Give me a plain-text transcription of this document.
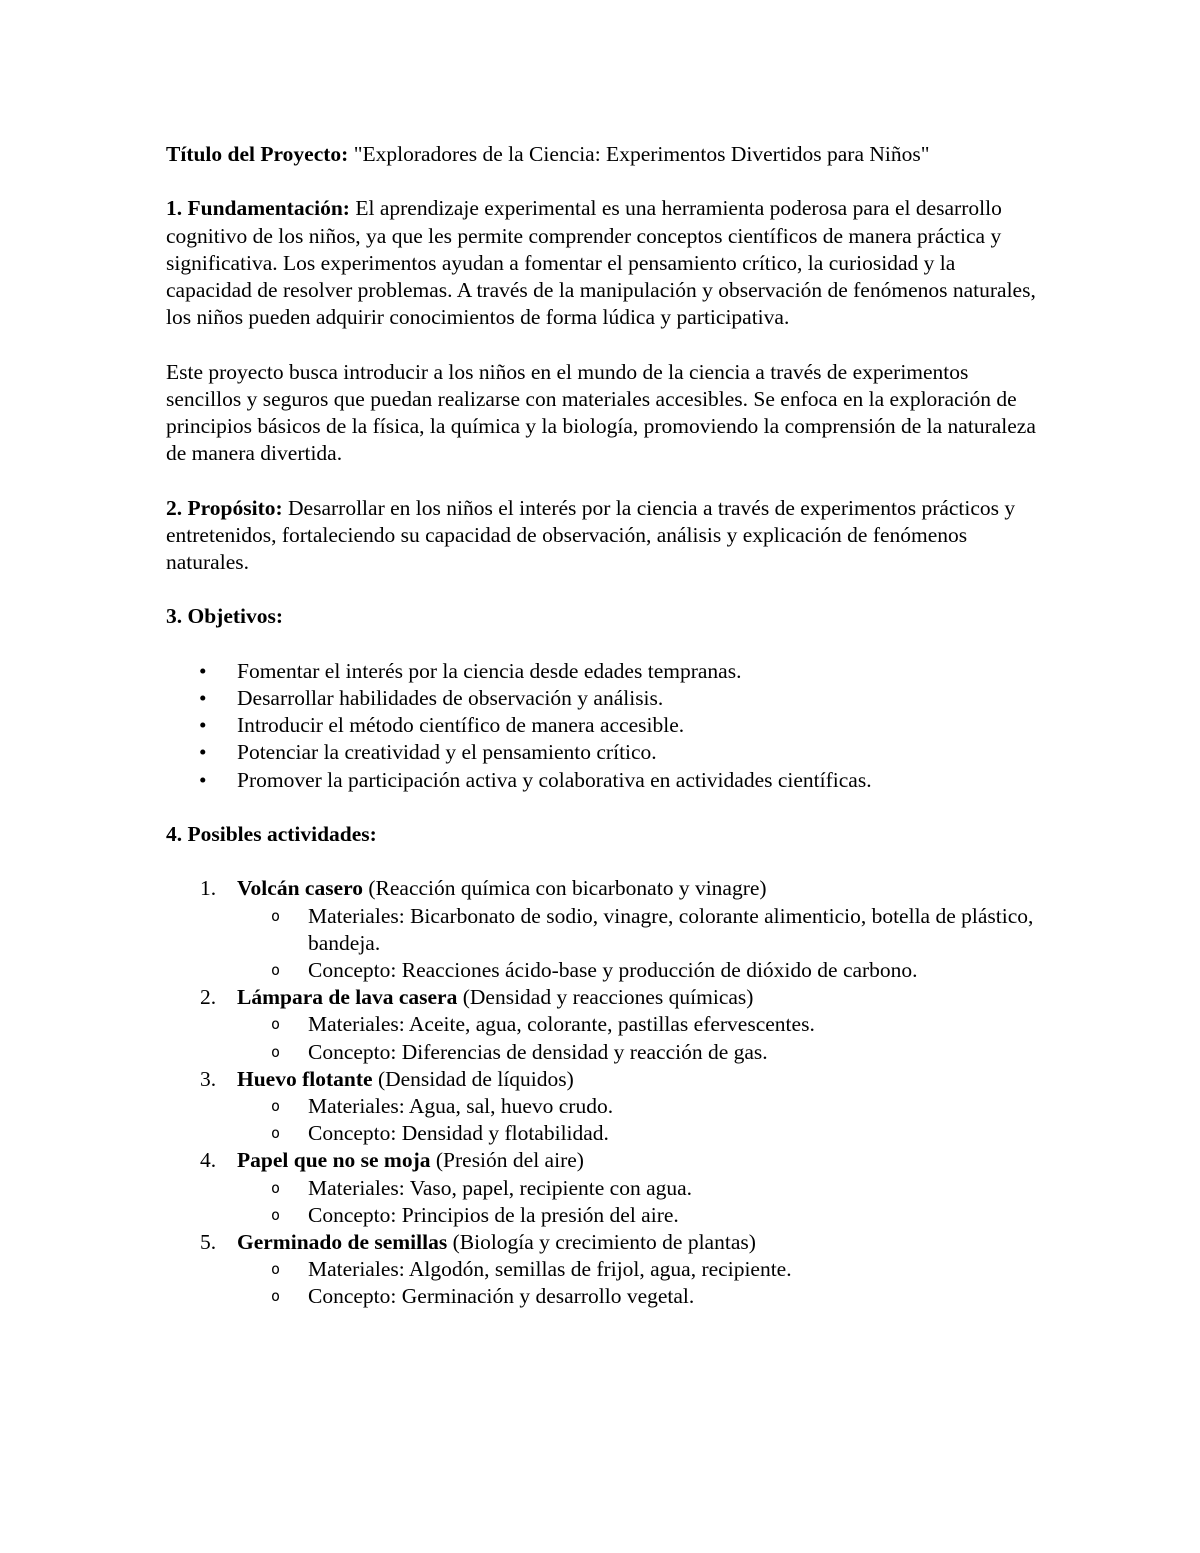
Título del Proyecto: "Exploradores de la Ciencia: Experimentos Divertidos para Niños"

1. Fundamentación: El aprendizaje experimental es una herramienta poderosa para el desarrollo cognitivo de los niños, ya que les permite comprender conceptos científicos de manera práctica y significativa. Los experimentos ayudan a fomentar el pensamiento crítico, la curiosidad y la capacidad de resolver problemas. A través de la manipulación y observación de fenómenos naturales, los niños pueden adquirir conocimientos de forma lúdica y participativa.

Este proyecto busca introducir a los niños en el mundo de la ciencia a través de experimentos sencillos y seguros que puedan realizarse con materiales accesibles. Se enfoca en la exploración de principios básicos de la física, la química y la biología, promoviendo la comprensión de la naturaleza de manera divertida.

2. Propósito: Desarrollar en los niños el interés por la ciencia a través de experimentos prácticos y entretenidos, fortaleciendo su capacidad de observación, análisis y explicación de fenómenos naturales.

3. Objetivos:

• Fomentar el interés por la ciencia desde edades tempranas.
• Desarrollar habilidades de observación y análisis.
• Introducir el método científico de manera accesible.
• Potenciar la creatividad y el pensamiento crítico.
• Promover la participación activa y colaborativa en actividades científicas.

4. Posibles actividades:

1. Volcán casero (Reacción química con bicarbonato y vinagre)
o Materiales: Bicarbonato de sodio, vinagre, colorante alimenticio, botella de plástico, bandeja.
o Concepto: Reacciones ácido-base y producción de dióxido de carbono.
2. Lámpara de lava casera (Densidad y reacciones químicas)
o Materiales: Aceite, agua, colorante, pastillas efervescentes.
o Concepto: Diferencias de densidad y reacción de gas.
3. Huevo flotante (Densidad de líquidos)
o Materiales: Agua, sal, huevo crudo.
o Concepto: Densidad y flotabilidad.
4. Papel que no se moja (Presión del aire)
o Materiales: Vaso, papel, recipiente con agua.
o Concepto: Principios de la presión del aire.
5. Germinado de semillas (Biología y crecimiento de plantas)
o Materiales: Algodón, semillas de frijol, agua, recipiente.
o Concepto: Germinación y desarrollo vegetal.
